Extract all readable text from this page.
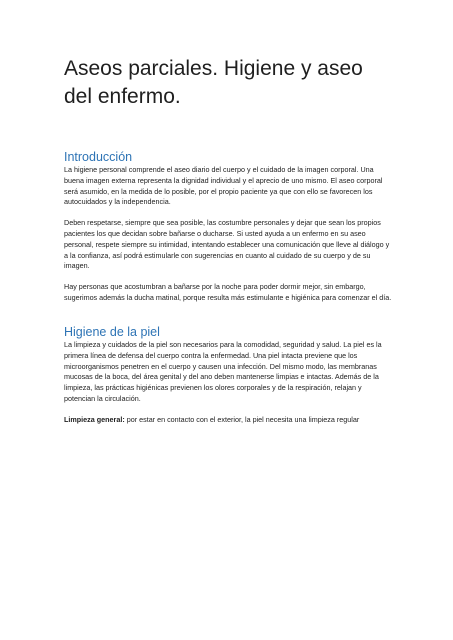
Aseos parciales. Higiene y aseo del enfermo.
Introducción

La higiene personal comprende el aseo diario del cuerpo y el cuidado de la imagen corporal. Una buena imagen externa representa la dignidad individual y el aprecio de uno mismo. El aseo corporal será asumido, en la medida de lo posible, por el propio paciente ya que con ello se favorecen los autocuidados y la independencia.

Deben respetarse, siempre que sea posible, las costumbre personales y dejar que sean los propios pacientes los que decidan sobre bañarse o ducharse. Si usted ayuda a un enfermo en su aseo personal, respete siempre su intimidad, intentando establecer una comunicación que lleve al diálogo y a la confianza, así podrá estimularle con sugerencias en cuanto al cuidado de su cuerpo y de su imagen.

Hay personas que acostumbran a bañarse por la noche para poder dormir mejor, sin embargo, sugerimos además la ducha matinal, porque resulta más estimulante e higiénica para comenzar el día.

Higiene de la piel

La limpieza y cuidados de la piel son necesarios para la comodidad, seguridad y salud. La piel es la primera línea de defensa del cuerpo contra la enfermedad. Una piel intacta previene que los microorganismos penetren en el cuerpo y causen una infección. Del mismo modo, las membranas mucosas de la boca, del área genital y del ano deben mantenerse limpias e intactas. Además de la limpieza, las prácticas higiénicas previenen los olores corporales y de la respiración, relajan y potencian la circulación.

Limpieza general: por estar en contacto con el exterior, la piel necesita una limpieza regular
